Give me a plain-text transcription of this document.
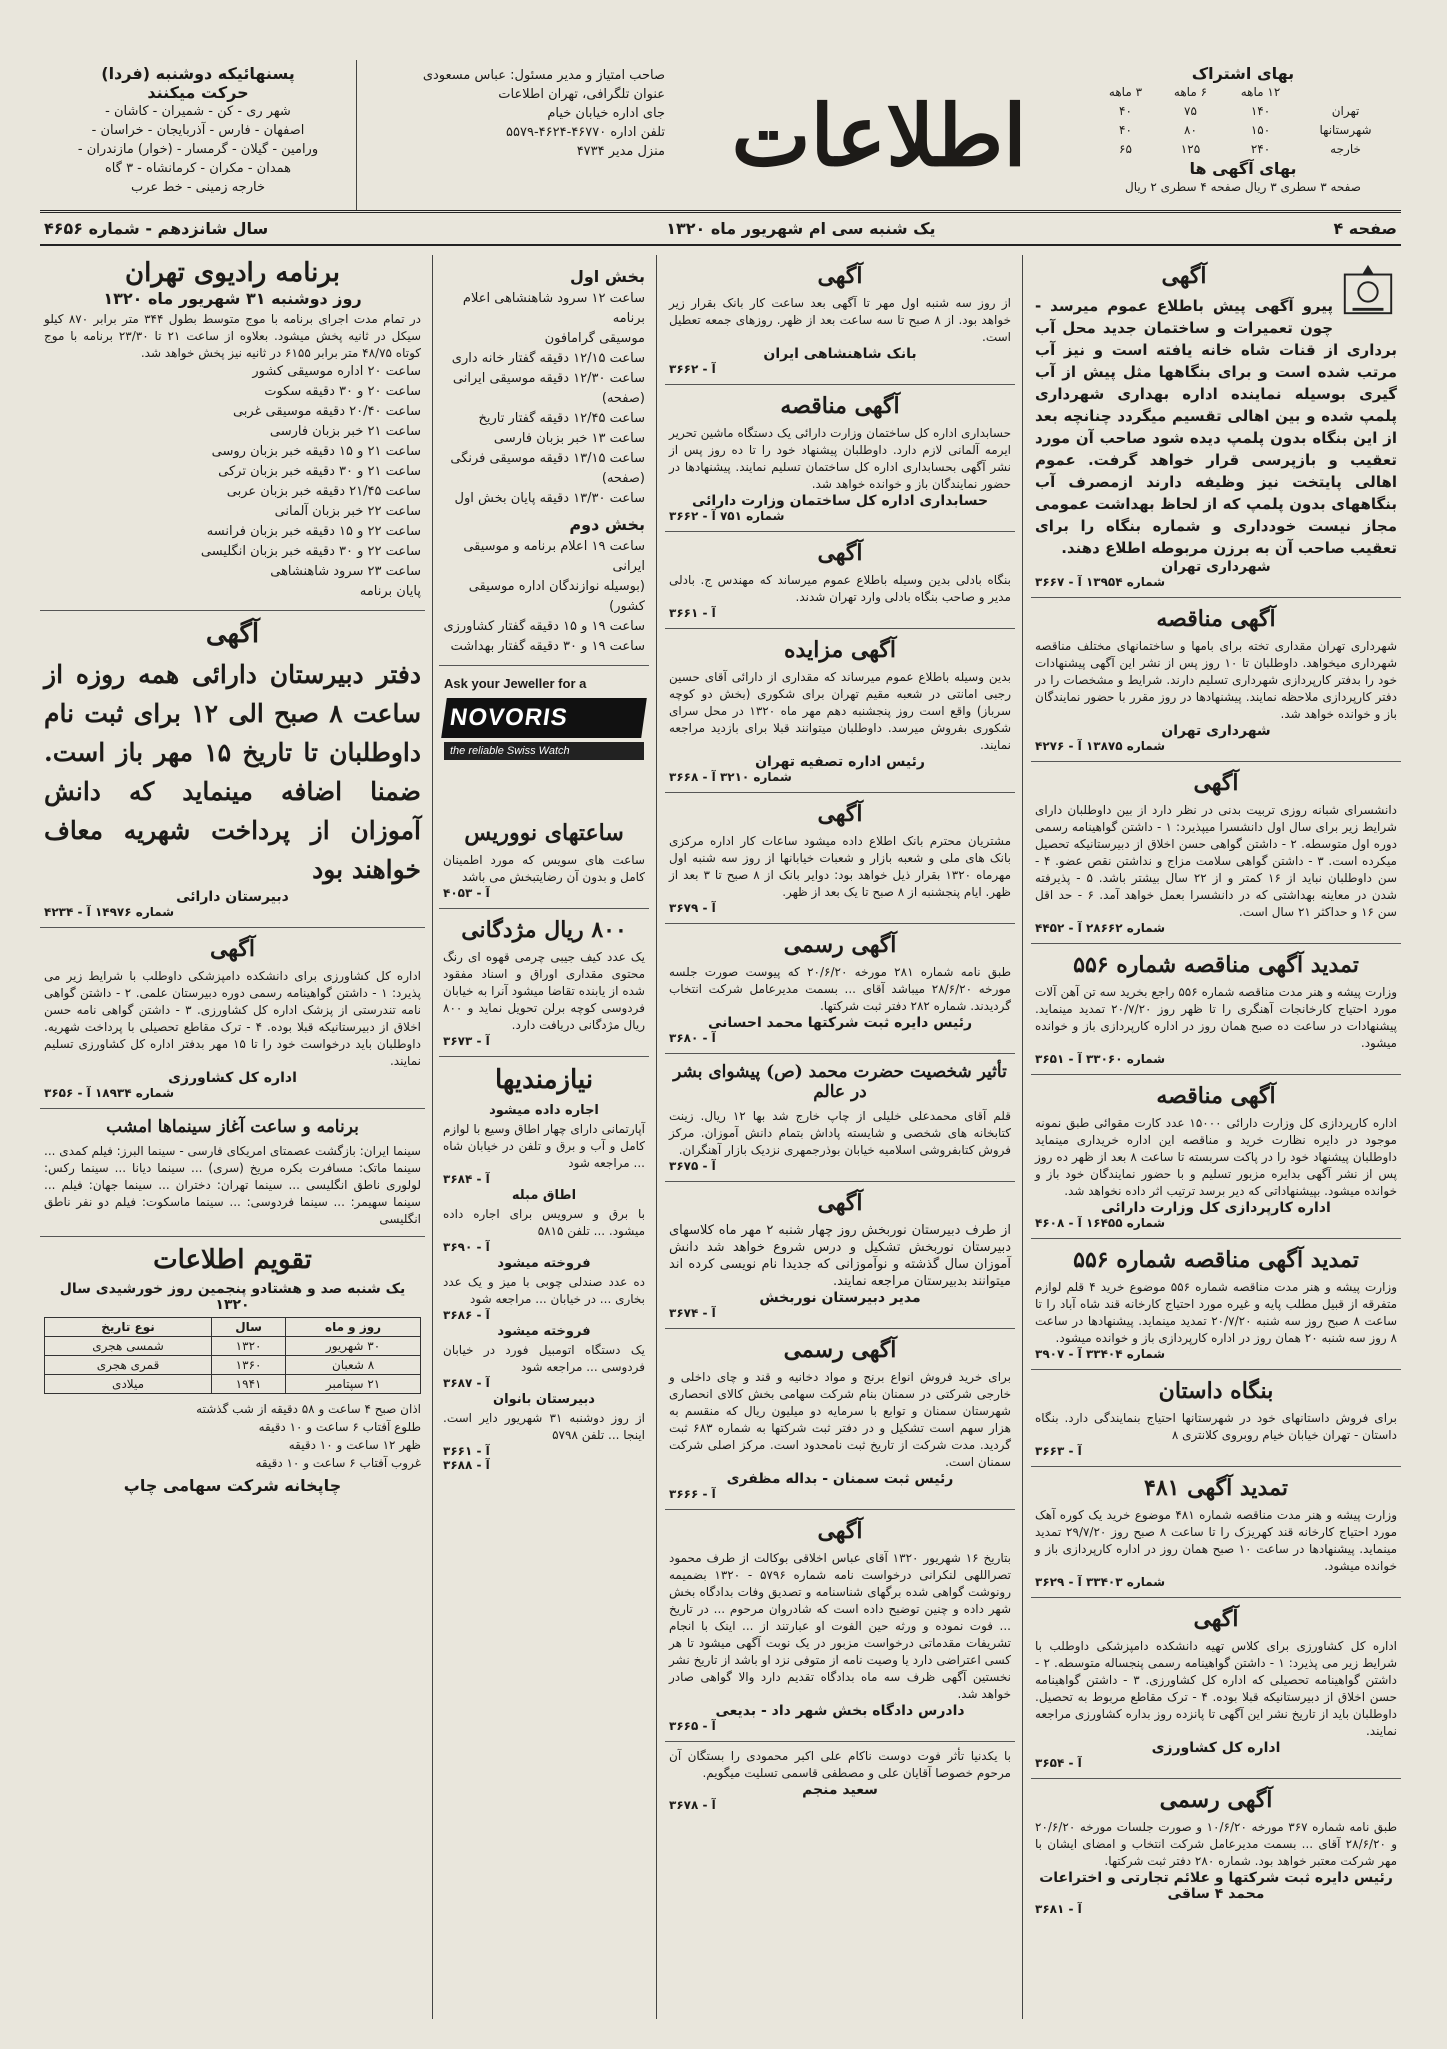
بهای اشتراک
	۱۲ ماهه	۶ ماهه	۳ ماهه
تهران	۱۴۰	۷۵	۴۰
شهرستانها	۱۵۰	۸۰	۴۰
خارجه	۲۴۰	۱۲۵	۶۵
بهای آگهی ها
صفحه ۳ سطری ۳ ریال صفحه ۴ سطری ۲ ریال
اطلاعات
صاحب امتیاز و مدیر مسئول: عباس مسعودی
عنوان تلگرافی، تهران اطلاعات
جای اداره خیابان خیام
تلفن اداره ۴۶۷۷۰-۴۶۲۴-۵۵۷۹
منزل مدیر ۴۷۳۴
پسنهائیکه دوشنبه (فردا)
حرکت میکنند
شهر ری - کن - شمیران - کاشان -
اصفهان - فارس - آذربایجان - خراسان -
ورامین - گیلان - گرمسار - (خوار) مازندران -
همدان - مکران - کرمانشاه - ۳ گاه
خارجه زمینی - خط عرب
صفحه ۴
یک شنبه سی ام شهریور ماه ۱۳۲۰
سال شانزدهم - شماره ۴۶۵۶
آگهی
پیرو آگهی پیش باطلاع عموم میرسد - چون تعمیرات و ساختمان جدید محل آب برداری از قنات شاه خانه یافته است و نیز آب مرتب شده است و برای بنگاهها مثل پیش از آب گیری بوسیله نماینده اداره بهداری شهرداری پلمپ شده و بین اهالی تقسیم میگردد چنانچه بعد از این بنگاه بدون پلمپ دیده شود صاحب آن مورد تعقیب و بازپرسی قرار خواهد گرفت. عموم اهالی پایتخت نیز وظیفه دارند ازمصرف آب بنگاههای بدون پلمپ که از لحاظ بهداشت عمومی مجاز نیست خودداری و شماره بنگاه را برای تعقیب صاحب آن به برزن مربوطه اطلاع دهند.
شهرداری تهران
شماره ۱۳۹۵۴ آ - ۳۶۶۷
آگهی مناقصه
شهرداری تهران مقداری تخته برای بامها و ساختمانهای مختلف مناقصه شهرداری میخواهد. داوطلبان تا ۱۰ روز پس از نشر این آگهی پیشنهادات خود را بدفتر کارپردازی شهرداری تسلیم دارند. شرایط و مشخصات را در دفتر کارپردازی ملاحظه نمایند. پیشنهادها در روز مقرر با حضور نمایندگان باز و خوانده خواهد شد.
شهرداری تهران
شماره ۱۳۸۷۵ آ - ۴۲۷۶
آگهی
دانشسرای شبانه روزی تربیت بدنی در نظر دارد از بین داوطلبان دارای شرایط زیر برای سال اول دانشسرا میپذیرد: ۱ - داشتن گواهینامه رسمی دوره اول متوسطه. ۲ - داشتن گواهی حسن اخلاق از دبیرستانیکه تحصیل میکرده است. ۳ - داشتن گواهی سلامت مزاج و نداشتن نقص عضو. ۴ - سن داوطلبان نباید از ۱۶ کمتر و از ۲۲ سال بیشتر باشد. ۵ - پذیرفته شدن در معاینه بهداشتی که در دانشسرا بعمل خواهد آمد. ۶ - حد اقل سن ۱۶ و حداکثر ۲۱ سال است.
شماره ۲۸۶۶۲ آ - ۴۴۵۲
تمدید آگهی مناقصه شماره ۵۵۶
وزارت پیشه و هنر مدت مناقصه شماره ۵۵۶ راجع بخرید سه تن آهن آلات مورد احتیاج کارخانجات آهنگری را تا ظهر روز ۲۰/۷/۲۰ تمدید مینماید. پیشنهادات در ساعت ده صبح همان روز در اداره کارپردازی باز و خوانده میشود.
شماره ۳۳۰۶۰ آ - ۳۶۵۱
آگهی مناقصه
اداره کارپردازی کل وزارت دارائی ۱۵۰۰۰ عدد کارت مقوائی طبق نمونه موجود در دایره نظارت خرید و مناقصه این اداره خریداری مینماید داوطلبان پیشنهاد خود را در پاکت سربسته تا ساعت ۸ بعد از ظهر ده روز پس از نشر آگهی بدایره مزبور تسلیم و با حضور نمایندگان خود باز و خوانده میشود. بپیشنهاداتی که دیر برسد ترتیب اثر داده نخواهد شد.
اداره کارپردازی کل وزارت دارائی
شماره ۱۶۴۵۵ آ - ۴۶۰۸
تمدید آگهی مناقصه شماره ۵۵۶
وزارت پیشه و هنر مدت مناقصه شماره ۵۵۶ موضوع خرید ۴ قلم لوازم متفرقه از قبیل مطلب پایه و غیره مورد احتیاج کارخانه قند شاه آباد را تا ساعت ۸ صبح روز سه شنبه ۲۰/۷/۲۰ تمدید مینماید. پیشنهادها در ساعت ۸ روز سه شنبه ۲۰ همان روز در اداره کارپردازی باز و خوانده میشود.
شماره ۳۳۴۰۴ آ - ۳۹۰۷
بنگاه داستان
برای فروش داستانهای خود در شهرستانها احتیاج بنمایندگی دارد. بنگاه داستان - تهران خیابان خیام روبروی کلانتری ۸
آ - ۳۶۶۳
تمدید آگهی ۴۸۱
وزارت پیشه و هنر مدت مناقصه شماره ۴۸۱ موضوع خرید یک کوره آهک مورد احتیاج کارخانه قند کهریزک را تا ساعت ۸ صبح روز ۲۹/۷/۲۰ تمدید مینماید. پیشنهادها در ساعت ۱۰ صبح همان روز در اداره کارپردازی باز و خوانده میشود.
شماره ۳۳۴۰۳ آ - ۳۶۲۹
آگهی
اداره کل کشاورزی برای کلاس تهیه دانشکده دامپزشکی داوطلب با شرایط زیر می پذیرد: ۱ - داشتن گواهینامه رسمی پنجساله متوسطه. ۲ - داشتن گواهینامه تحصیلی که اداره کل کشاورزی. ۳ - داشتن گواهینامه حسن اخلاق از دبیرستانیکه قبلا بوده. ۴ - ترک مقاطع مربوط به تحصیل. داوطلبان باید از تاریخ نشر این آگهی تا پانزده روز بداره کشاورزی مراجعه نمایند.
اداره کل کشاورزی
آ - ۳۶۵۴
آگهی رسمی
طبق نامه شماره ۳۶۷ مورخه ۱۰/۶/۲۰ و صورت جلسات مورخه ۲۰/۶/۲۰ و ۲۸/۶/۲۰ آقای ... بسمت مدیرعامل شرکت انتخاب و امضای ایشان با مهر شرکت معتبر خواهد بود. شماره ۲۸۰ دفتر ثبت شرکتها.
رئیس دایره ثبت شرکتها و علائم تجارتی و اختراعات محمد ۴ ساقی
آ - ۳۶۸۱
آگهی
از روز سه شنبه اول مهر تا آگهی بعد ساعت کار بانک بقرار زیر خواهد بود. از ۸ صبح تا سه ساعت بعد از ظهر. روزهای جمعه تعطیل است.
بانک شاهنشاهی ایران
آ - ۳۶۶۲
آگهی مناقصه
حسابداری اداره کل ساختمان وزارت دارائی یک دستگاه ماشین تحریر ایرمه آلمانی لازم دارد. داوطلبان پیشنهاد خود را تا ده روز پس از نشر آگهی بحسابداری اداره کل ساختمان تسلیم نمایند. پیشنهادها در حضور نمایندگان باز و خوانده خواهد شد.
حسابداری اداره کل ساختمان وزارت دارائی
شماره ۷۵۱ آ - ۳۶۶۲
آگهی
بنگاه بادلی بدین وسیله باطلاع عموم میرساند که مهندس ج. بادلی مدیر و صاحب بنگاه بادلی وارد تهران شدند.
آ - ۳۶۶۱
آگهی مزایده
بدین وسیله باطلاع عموم میرساند که مقداری از دارائی آقای حسین رجبی امانتی در شعبه مقیم تهران برای شکوری (بخش دو کوچه سرباز) واقع است روز پنجشنبه دهم مهر ماه ۱۳۲۰ در محل سرای شکوری بفروش میرسد. داوطلبان میتوانند قبلا برای بازدید مراجعه نمایند.
رئیس اداره تصفیه تهران
شماره ۳۲۱۰ آ - ۳۶۶۸
آگهی
مشتریان محترم بانک اطلاع داده میشود ساعات کار اداره مرکزی بانک های ملی و شعبه بازار و شعبات خیابانها از روز سه شنبه اول مهرماه ۱۳۲۰ بقرار ذیل خواهد بود: دوایر بانک از ۸ صبح تا ۳ بعد از ظهر. ایام پنجشنبه از ۸ صبح تا یک بعد از ظهر.
آ - ۳۶۷۹
آگهی رسمی
طبق نامه شماره ۲۸۱ مورخه ۲۰/۶/۲۰ که پیوست صورت جلسه مورخه ۲۸/۶/۲۰ میباشد آقای ... بسمت مدیرعامل شرکت انتخاب گردیدند. شماره ۲۸۲ دفتر ثبت شرکتها.
رئیس دایره ثبت شرکتها محمد احسانی
آ - ۳۶۸۰
تأثیر شخصیت حضرت محمد (ص) پیشوای بشر در عالم
قلم آقای محمدعلی خلیلی از چاپ خارج شد بها ۱۲ ریال. زینت کتابخانه های شخصی و شایسته پاداش بتمام دانش آموزان. مرکز فروش کتابفروشی اسلامیه خیابان بوذرجمهری نزدیک بازار آهنگران.
آ - ۳۶۷۵
آگهی
از طرف دبیرستان نوربخش روز چهار شنبه ۲ مهر ماه کلاسهای دبیرستان نوربخش تشکیل و درس شروع خواهد شد دانش آموزان سال گذشته و نوآموزانی که جدیدا نام نویسی کرده اند میتوانند بدبیرستان مراجعه نمایند.
مدیر دبیرستان نوربخش
آ - ۳۶۷۴
آگهی رسمی
برای خرید فروش انواع برنج و مواد دخانیه و قند و چای داخلی و خارجی شرکتی در سمنان بنام شرکت سهامی بخش کالای انحصاری شهرستان سمنان و توابع با سرمایه دو میلیون ریال که منقسم به هزار سهم است تشکیل و در دفتر ثبت شرکتها به شماره ۶۸۳ ثبت گردید. مدت شرکت از تاریخ ثبت نامحدود است. مرکز اصلی شرکت سمنان است.
رئیس ثبت سمنان - بداله مظفری
آ - ۳۶۶۶
آگهی
بتاریخ ۱۶ شهریور ۱۳۲۰ آقای عباس اخلاقی بوکالت از طرف محمود تصراللهی لنکرانی درخواست نامه شماره ۵۷۹۶ - ۱۳۲۰ بضمیمه رونوشت گواهی شده برگهای شناسنامه و تصدیق وفات بدادگاه بخش شهر داده و چنین توضیح داده است که شادروان مرحوم ... در تاریخ ... فوت نموده و ورثه حین الفوت او عبارتند از ... اینک با انجام تشریفات مقدماتی درخواست مزبور در یک نوبت آگهی میشود تا هر کسی اعتراضی دارد یا وصیت نامه از متوفی نزد او باشد از تاریخ نشر نخستین آگهی ظرف سه ماه بدادگاه تقدیم دارد والا گواهی صادر خواهد شد.
دادرس دادگاه بخش شهر داد - بدیعی
آ - ۳۶۶۵
با یکدنیا تأثر فوت دوست ناکام علی اکبر محمودی را بستگان آن مرحوم خصوصا آقایان علی و مصطفی قاسمی تسلیت میگویم.
سعید منجم
آ - ۳۶۷۸
بخش اول
ساعت ۱۲ سرود شاهنشاهی اعلام برنامه
موسیقی گرامافون
ساعت ۱۲/۱۵ دقیقه گفتار خانه داری
ساعت ۱۲/۳۰ دقیقه موسیقی ایرانی (صفحه)
ساعت ۱۲/۴۵ دقیقه گفتار تاریخ
ساعت ۱۳ خبر بزبان فارسی
ساعت ۱۳/۱۵ دقیقه موسیقی فرنگی (صفحه)
ساعت ۱۳/۳۰ دقیقه پایان بخش اول
بخش دوم
ساعت ۱۹ اعلام برنامه و موسیقی ایرانی
(بوسیله نوازندگان اداره موسیقی کشور)
ساعت ۱۹ و ۱۵ دقیقه گفتار کشاورزی
ساعت ۱۹ و ۳۰ دقیقه گفتار بهداشت
Ask your Jeweller for a
NOVORIS
the reliable Swiss Watch
ساعتهای نووریس
ساعت های سویس که مورد اطمینان کامل و بدون آن رضایتبخش می باشد
آ - ۴۰۵۳
۸۰۰ ریال مژدگانی
یک عدد کیف جیبی چرمی قهوه ای رنگ محتوی مقداری اوراق و اسناد مفقود شده از یابنده تقاضا میشود آنرا به خیابان فردوسی کوچه برلن تحویل نماید و ۸۰۰ ریال مژدگانی دریافت دارد.
آ - ۳۶۷۳
نیازمندیها
اجاره داده میشود
آپارتمانی دارای چهار اطاق وسیع با لوازم کامل و آب و برق و تلفن در خیابان شاه ... مراجعه شود
آ - ۳۶۸۴
اطاق مبله
با برق و سرویس برای اجاره داده میشود. ... تلفن ۵۸۱۵
آ - ۳۶۹۰
فروخته میشود
ده عدد صندلی چوبی با میز و یک عدد بخاری ... در خیابان ... مراجعه شود
آ - ۳۶۸۶
فروخته میشود
یک دستگاه اتومبیل فورد در خیابان فردوسی ... مراجعه شود
آ - ۳۶۸۷
دبیرستان بانوان
از روز دوشنبه ۳۱ شهریور دایر است. اینجا ... تلفن ۵۷۹۸
آ - ۳۶۶۱
آ - ۳۶۸۸
برنامه رادیوی تهران
روز دوشنبه ۳۱ شهریور ماه ۱۳۲۰
در تمام مدت اجرای برنامه با موج متوسط بطول ۳۴۴ متر برابر ۸۷۰ کیلو سیکل در ثانیه پخش میشود. بعلاوه از ساعت ۲۱ تا ۲۳/۳۰ برنامه با موج کوتاه ۴۸/۷۵ متر برابر ۶۱۵۵ در ثانیه نیز پخش خواهد شد.
ساعت ۲۰ اداره موسیقی کشور
ساعت ۲۰ و ۳۰ دقیقه سکوت
ساعت ۲۰/۴۰ دقیقه موسیقی غربی
ساعت ۲۱ خبر بزبان فارسی
ساعت ۲۱ و ۱۵ دقیقه خبر بزبان روسی
ساعت ۲۱ و ۳۰ دقیقه خبر بزبان ترکی
ساعت ۲۱/۴۵ دقیقه خبر بزبان عربی
ساعت ۲۲ خبر بزبان آلمانی
ساعت ۲۲ و ۱۵ دقیقه خبر بزبان فرانسه
ساعت ۲۲ و ۳۰ دقیقه خبر بزبان انگلیسی
ساعت ۲۳ سرود شاهنشاهی
پایان برنامه
آگهی
دفتر دبیرستان دارائی همه روزه از ساعت ۸ صبح الی ۱۲ برای ثبت نام داوطلبان تا تاریخ ۱۵ مهر باز است. ضمنا اضافه مینماید که دانش آموزان از پرداخت شهریه معاف خواهند بود
دبیرستان دارائی
شماره ۱۴۹۷۶ آ - ۴۲۳۴
آگهی
اداره کل کشاورزی برای دانشکده دامپزشکی داوطلب با شرایط زیر می پذیرد: ۱ - داشتن گواهینامه رسمی دوره دبیرستان علمی. ۲ - داشتن گواهی نامه تندرستی از پزشک اداره کل کشاورزی. ۳ - داشتن گواهی نامه حسن اخلاق از دبیرستانیکه قبلا بوده. ۴ - ترک مقاطع تحصیلی با پرداخت شهریه. داوطلبان باید درخواست خود را تا ۱۵ مهر بدفتر اداره کل کشاورزی تسلیم نمایند.
اداره کل کشاورزی
شماره ۱۸۹۳۴ آ - ۳۶۵۶
برنامه و ساعت آغاز سینماها امشب
سینما ایران: بازگشت عصمتای امریکای فارسی - سینما البرز: فیلم کمدی ... سینما ماتک: مسافرت بکره مریخ (سری) ... سینما دیانا ... سینما رکس: لولوری ناطق انگلیسی ... سینما تهران: دختران ... سینما جهان: فیلم ... سینما سهیمر: ... سینما فردوسی: ... سینما ماسکوت: فیلم دو نفر ناطق انگلیسی
تقویم اطلاعات
یک شنبه صد و هشتادو پنجمین روز خورشیدی سال ۱۳۲۰
روز و ماه	سال	نوع تاریخ
۳۰ شهریور	۱۳۲۰	شمسی هجری
۸ شعبان	۱۳۶۰	قمری هجری
۲۱ سپتامبر	۱۹۴۱	میلادی
اذان صبح ۴ ساعت و ۵۸ دقیقه از شب گذشته
طلوع آفتاب ۶ ساعت و ۱۰ دقیقه
ظهر ۱۲ ساعت و ۱۰ دقیقه
غروب آفتاب ۶ ساعت و ۱۰ دقیقه
چاپخانه شرکت سهامی چاپ
